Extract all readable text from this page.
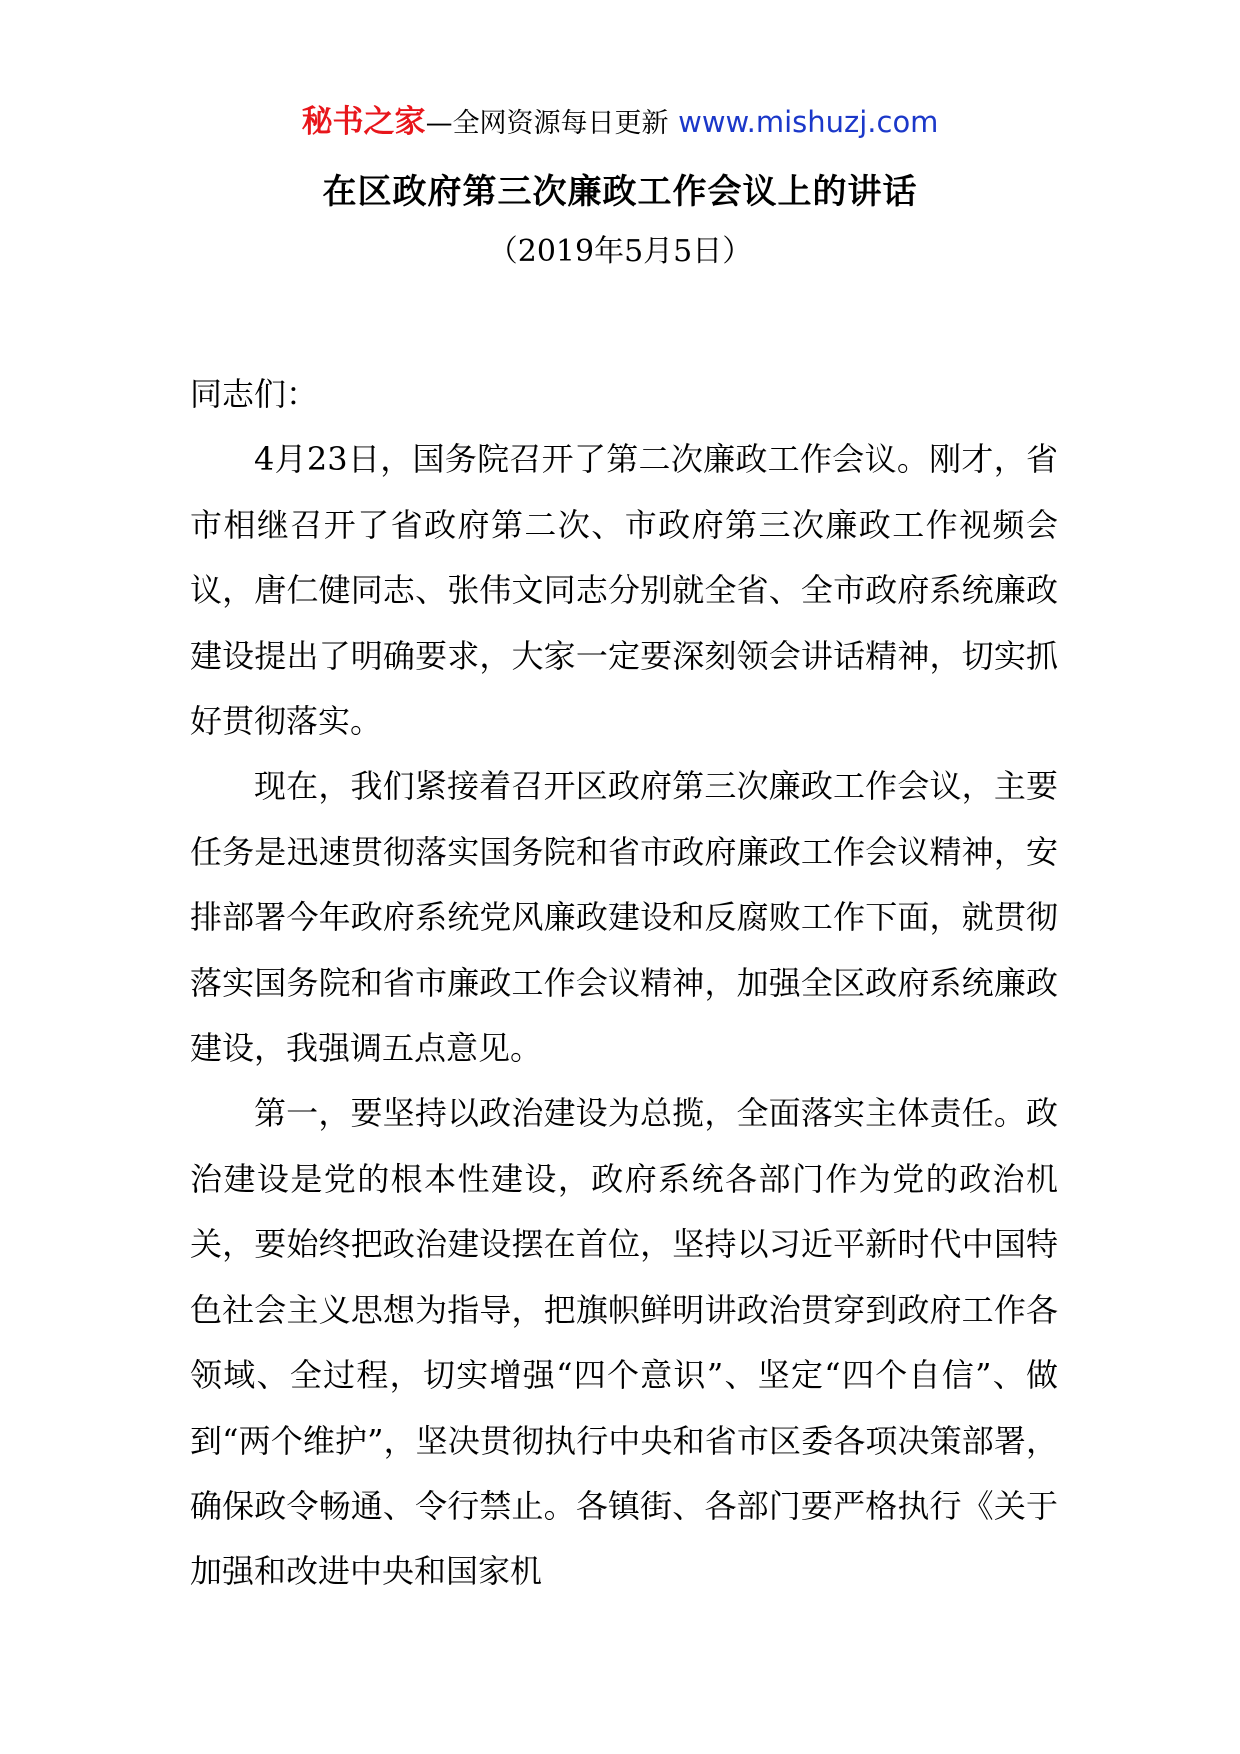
秘书之家—全网资源每日更新 www.mishuzj.com
在区政府第三次廉政工作会议上的讲话
（2019年5月5日）

同志们：

4月23日，国务院召开了第二次廉政工作会议。刚才，省市相继召开了省政府第二次、市政府第三次廉政工作视频会议，唐仁健同志、张伟文同志分别就全省、全市政府系统廉政建设提出了明确要求，大家一定要深刻领会讲话精神，切实抓好贯彻落实。

现在，我们紧接着召开区政府第三次廉政工作会议，主要任务是迅速贯彻落实国务院和省市政府廉政工作会议精神，安排部署今年政府系统党风廉政建设和反腐败工作下面，就贯彻落实国务院和省市廉政工作会议精神，加强全区政府系统廉政建设，我强调五点意见。

第一，要坚持以政治建设为总揽，全面落实主体责任。政治建设是党的根本性建设，政府系统各部门作为党的政治机关，要始终把政治建设摆在首位，坚持以习近平新时代中国特色社会主义思想为指导，把旗帜鲜明讲政治贯穿到政府工作各领域、全过程，切实增强“四个意识”、坚定“四个自信”、做到“两个维护”，坚决贯彻执行中央和省市区委各项决策部署，确保政令畅通、令行禁止。各镇街、各部门要严格执行《关于加强和改进中央和国家机
